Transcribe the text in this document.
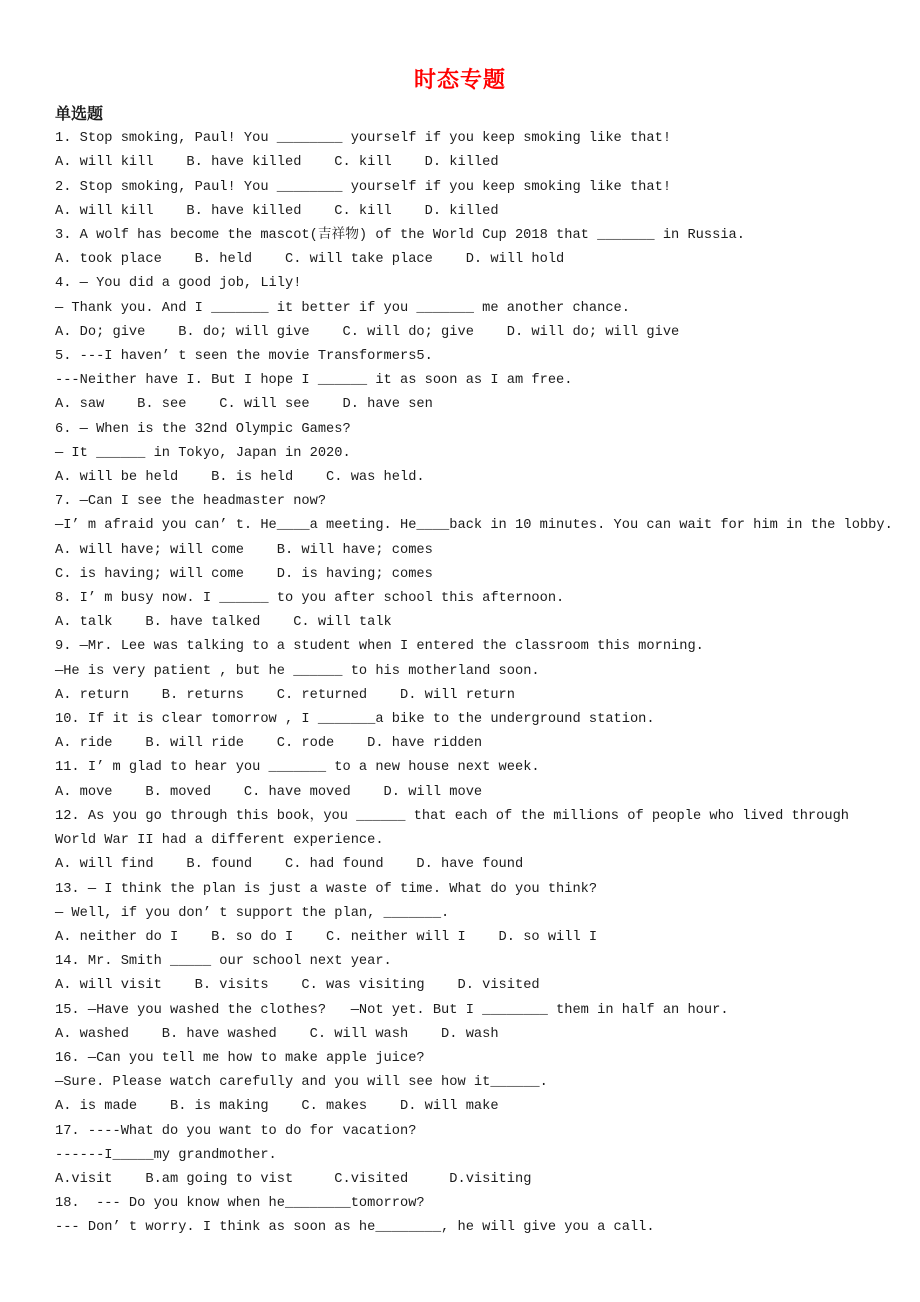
时态专题
单选题
1. Stop smoking, Paul! You ________ yourself if you keep smoking like that!
A. will kill    B. have killed    C. kill    D. killed
2. Stop smoking, Paul! You ________ yourself if you keep smoking like that!
A. will kill    B. have killed    C. kill    D. killed
3. A wolf has become the mascot(吉祥物) of the World Cup 2018 that _______ in Russia.
A. took place    B. held    C. will take place    D. will hold
4. — You did a good job, Lily!
— Thank you. And I _______ it better if you _______ me another chance.
A. Do; give    B. do; will give    C. will do; give    D. will do; will give
5. ---I haven’ t seen the movie Transformers5.
---Neither have I. But I hope I ______ it as soon as I am free.
A. saw    B. see    C. will see    D. have sen
6. — When is the 32nd Olympic Games?
— It ______ in Tokyo, Japan in 2020.
A. will be held    B. is held    C. was held.
7. —Can I see the headmaster now?
—I’ m afraid you can’ t. He____a meeting. He____back in 10 minutes. You can wait for him in the lobby.
A. will have; will come    B. will have; comes
C. is having; will come    D. is having; comes
8. I’ m busy now. I ______ to you after school this afternoon.
A. talk    B. have talked    C. will talk
9. —Mr. Lee was talking to a student when I entered the classroom this morning.
—He is very patient , but he ______ to his motherland soon.
A. return    B. returns    C. returned    D. will return
10. If it is clear tomorrow , I _______a bike to the underground station.
A. ride    B. will ride    C. rode    D. have ridden
11. I’ m glad to hear you _______ to a new house next week.
A. move    B. moved    C. have moved    D. will move
12. As you go through this book，you ______ that each of the millions of people who lived through
World War II had a different experience.
A. will find    B. found    C. had found    D. have found
13. — I think the plan is just a waste of time. What do you think?
— Well, if you don’ t support the plan, _______.
A. neither do I    B. so do I    C. neither will I    D. so will I
14. Mr. Smith _____ our school next year.
A. will visit    B. visits    C. was visiting    D. visited
15. —Have you washed the clothes?   —Not yet. But I ________ them in half an hour.
A. washed    B. have washed    C. will wash    D. wash
16. —Can you tell me how to make apple juice?
—Sure. Please watch carefully and you will see how it______.
A. is made    B. is making    C. makes    D. will make
17. ----What do you want to do for vacation?
------I_____my grandmother.
A.visit    B.am going to vist     C.visited     D.visiting
18.  --- Do you know when he________tomorrow?
--- Don’ t worry. I think as soon as he________, he will give you a call.
